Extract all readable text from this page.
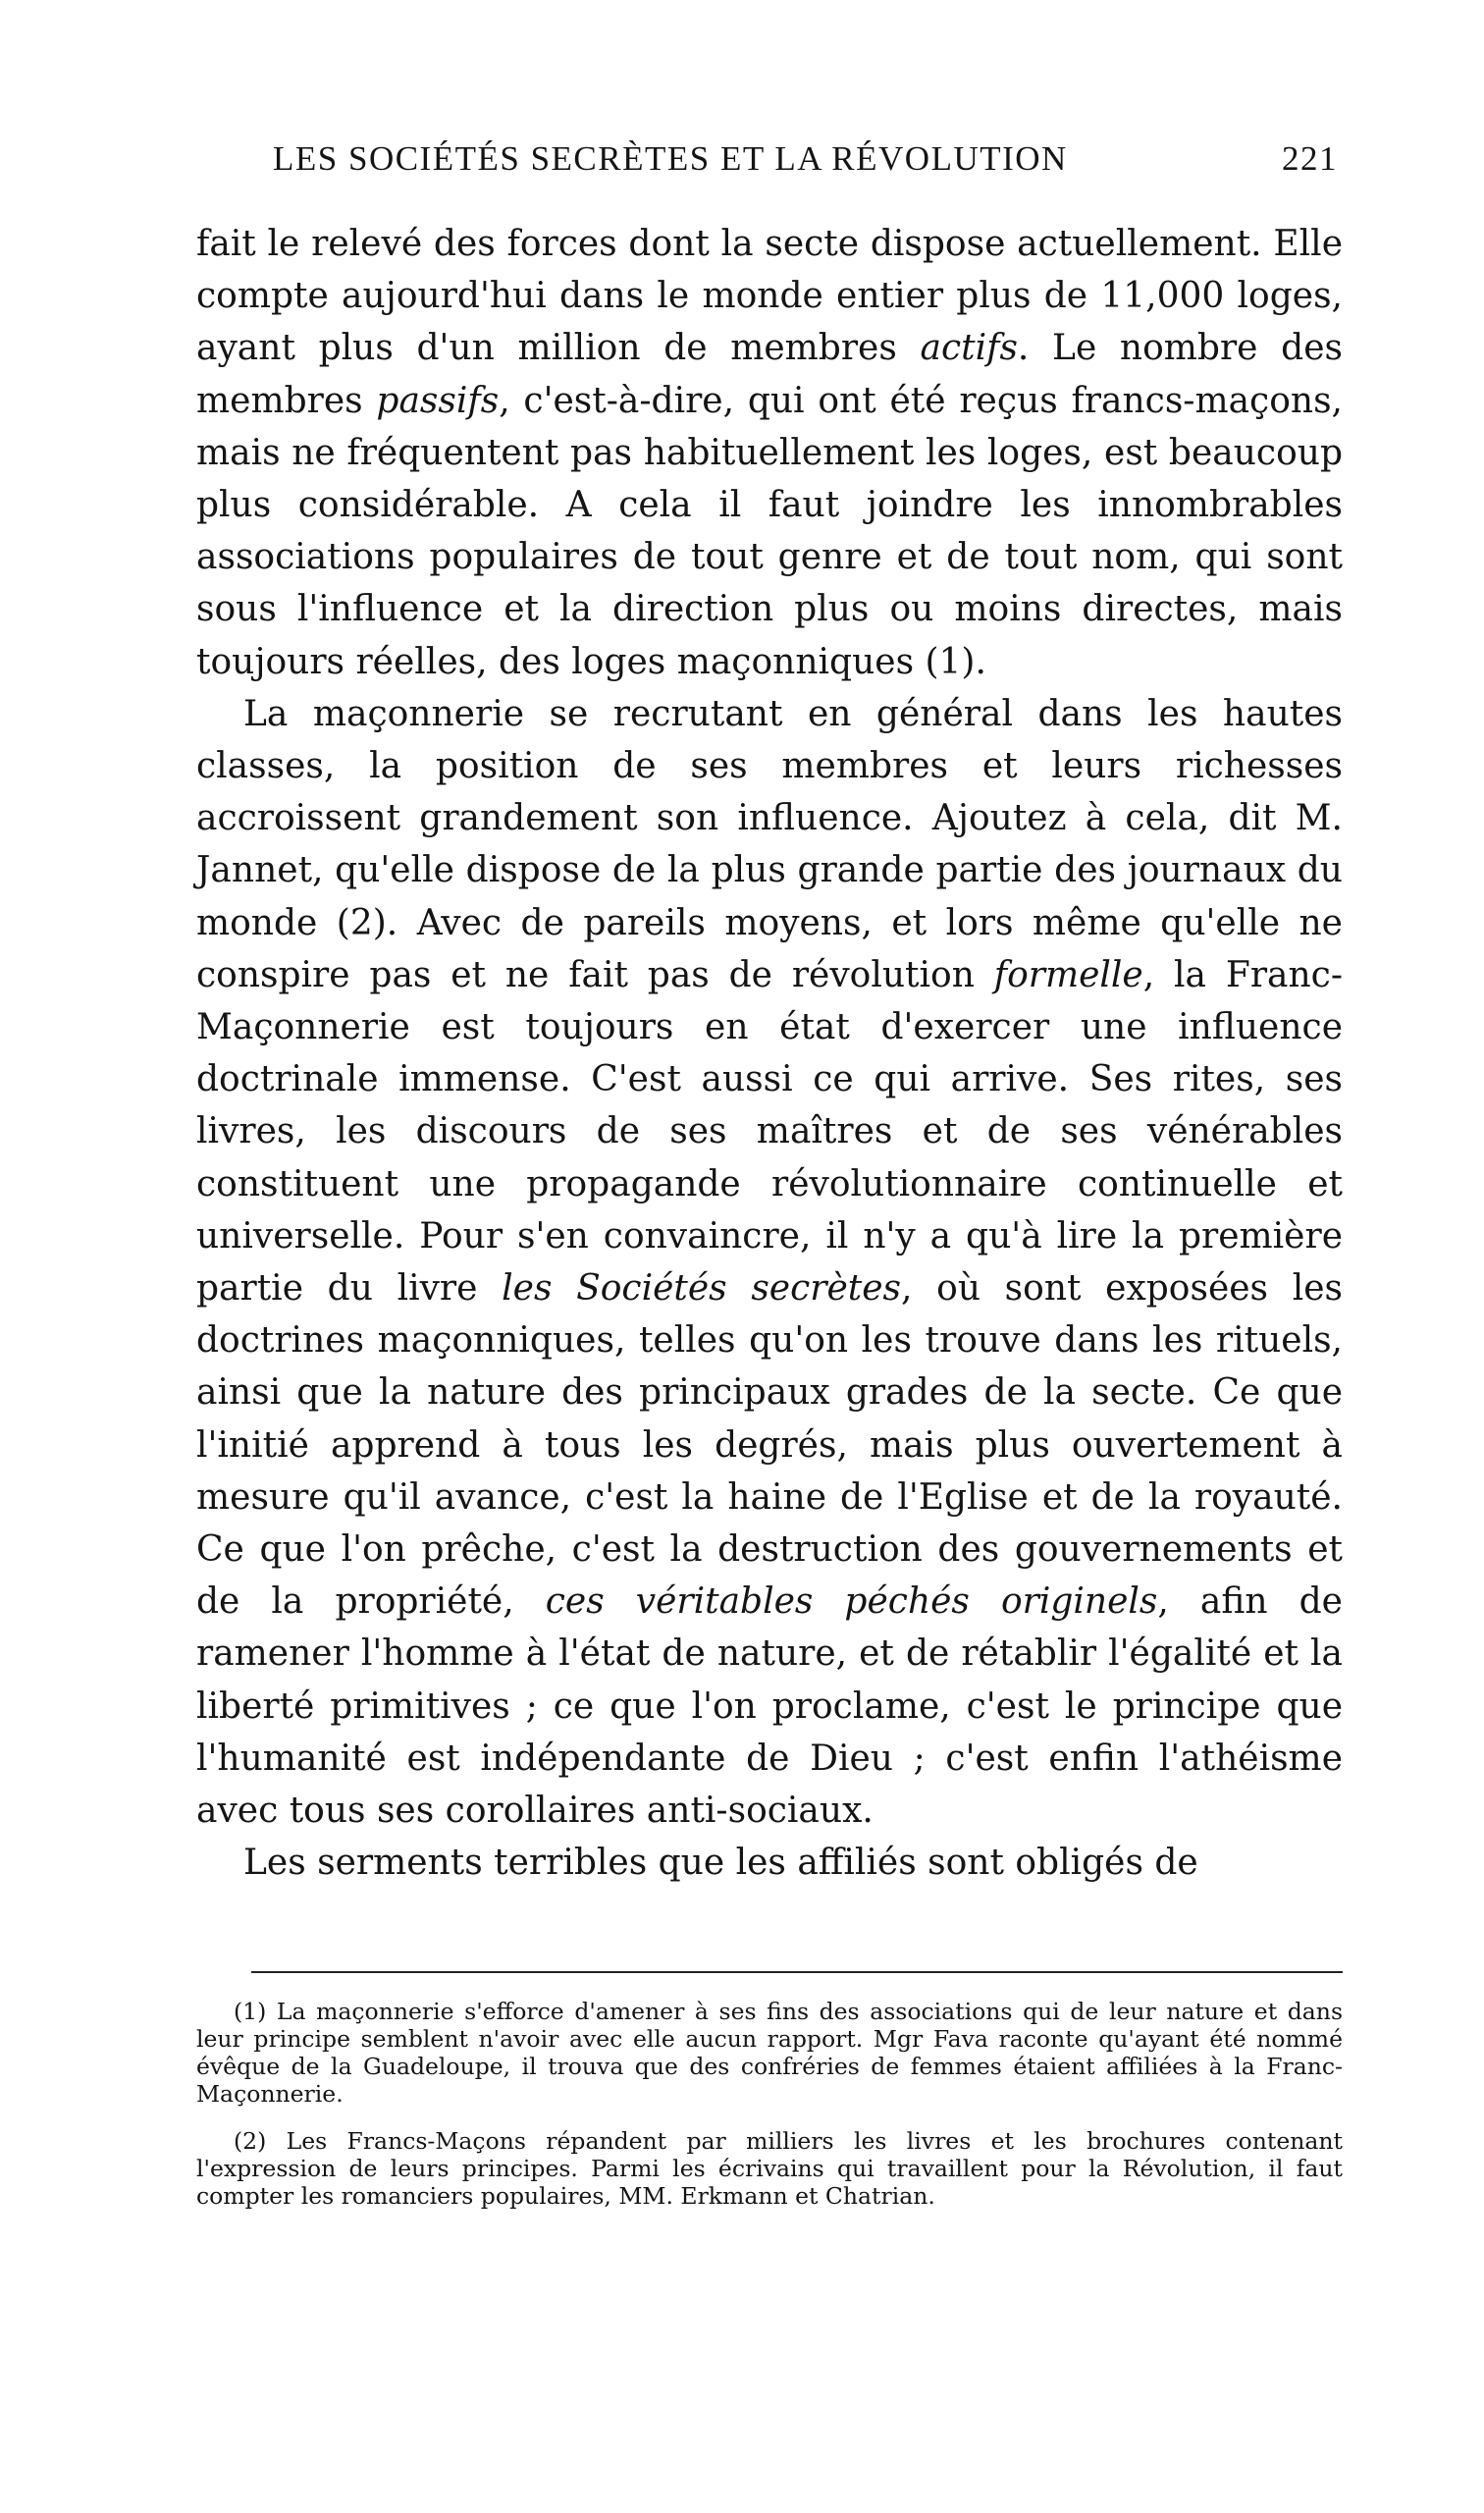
LES SOCIÉTÉS SECRÈTES ET LA RÉVOLUTION	221

fait le relevé des forces dont la secte dispose actuellement. Elle compte aujourd'hui dans le monde entier plus de 11,000 loges, ayant plus d'un million de membres actifs. Le nombre des membres passifs, c'est-à-dire, qui ont été reçus francs-maçons, mais ne fréquentent pas habituellement les loges, est beaucoup plus considérable. A cela il faut joindre les innombrables associations populaires de tout genre et de tout nom, qui sont sous l'influence et la direction plus ou moins directes, mais toujours réelles, des loges maçonniques (1).

La maçonnerie se recrutant en général dans les hautes classes, la position de ses membres et leurs richesses accroissent grandement son influence. Ajoutez à cela, dit M. Jannet, qu'elle dispose de la plus grande partie des journaux du monde (2). Avec de pareils moyens, et lors même qu'elle ne conspire pas et ne fait pas de révolution formelle, la Franc-Maçonnerie est toujours en état d'exercer une influence doctrinale immense. C'est aussi ce qui arrive. Ses rites, ses livres, les discours de ses maîtres et de ses vénérables constituent une propagande révolutionnaire continuelle et universelle. Pour s'en convaincre, il n'y a qu'à lire la première partie du livre les Sociétés secrètes, où sont exposées les doctrines maçonniques, telles qu'on les trouve dans les rituels, ainsi que la nature des principaux grades de la secte. Ce que l'initié apprend à tous les degrés, mais plus ouvertement à mesure qu'il avance, c'est la haine de l'Eglise et de la royauté. Ce que l'on prêche, c'est la destruction des gouvernements et de la propriété, ces véritables péchés originels, afin de ramener l'homme à l'état de nature, et de rétablir l'égalité et la liberté primitives ; ce que l'on proclame, c'est le principe que l'humanité est indépendante de Dieu ; c'est enfin l'athéisme avec tous ses corollaires anti-sociaux.

Les serments terribles que les affiliés sont obligés de

(1) La maçonnerie s'efforce d'amener à ses fins des associations qui de leur nature et dans leur principe semblent n'avoir avec elle aucun rapport. Mgr Fava raconte qu'ayant été nommé évêque de la Guadeloupe, il trouva que des confréries de femmes étaient affiliées à la Franc-Maçonnerie.

(2) Les Francs-Maçons répandent par milliers les livres et les brochures contenant l'expression de leurs principes. Parmi les écrivains qui travaillent pour la Révolution, il faut compter les romanciers populaires, MM. Erkmann et Chatrian.
